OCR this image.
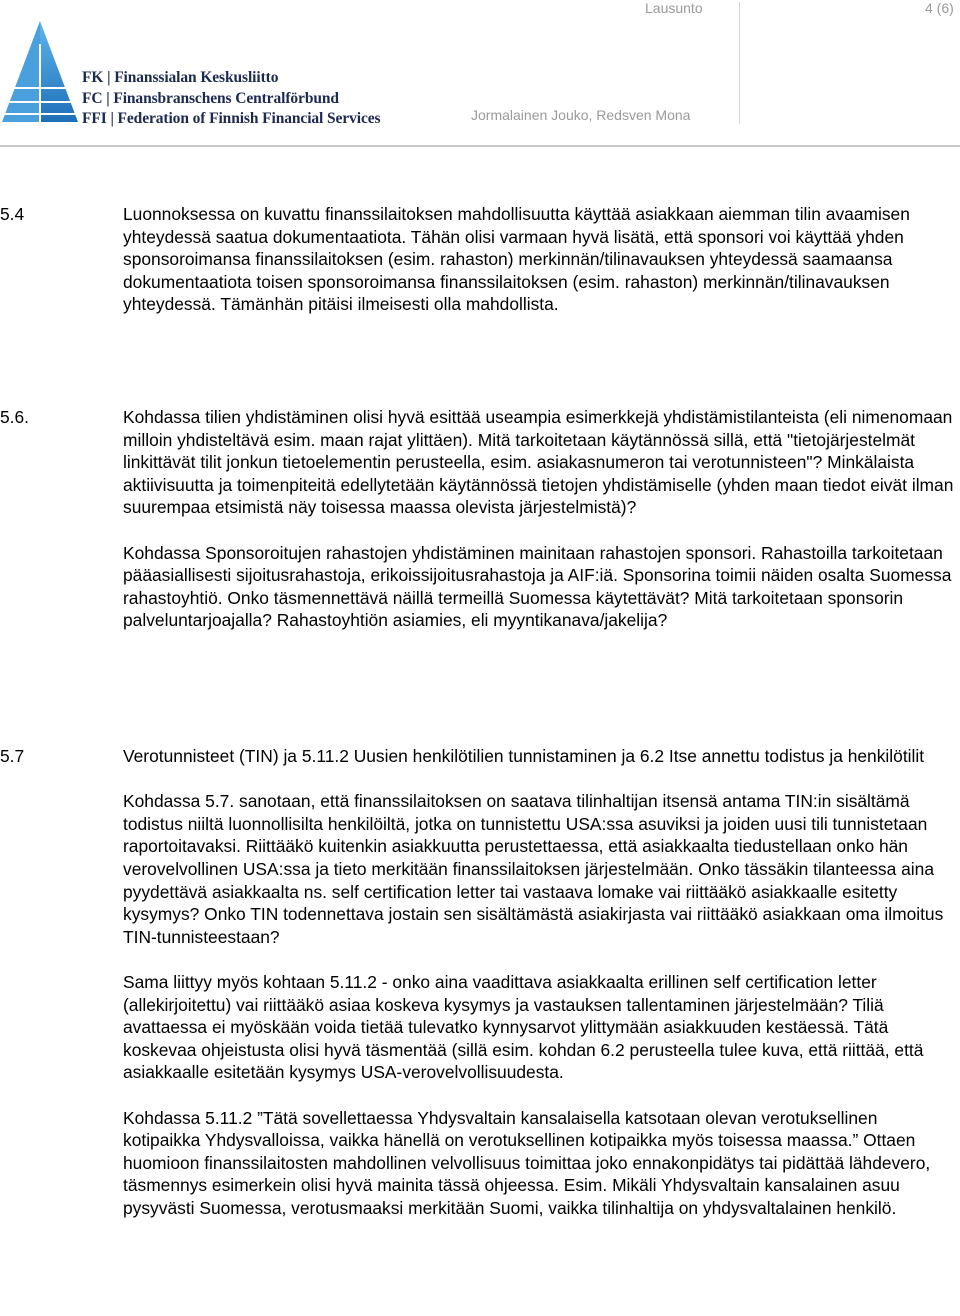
FK | Finanssialan Keskusliitto
FC | Finansbranschens Centralförbund
FFI | Federation of Finnish Financial Services
Lausunto	4 (6)
Jormalainen Jouko, Redsven Mona
5.4	Luonnoksessa on kuvattu finanssilaitoksen mahdollisuutta käyttää asiakkaan aiemman tilin avaamisen yhteydessä saatua dokumentaatiota. Tähän olisi varmaan hyvä lisätä, että sponsori voi käyttää yhden sponsoroimansa finanssilaitoksen (esim. rahaston) merkinnän/tilinavauksen yhteydessä saamaansa dokumentaatiota toisen sponsoroimansa finanssilaitoksen (esim. rahaston) merkinnän/tilinavauksen yhteydessä. Tämänhän pitäisi ilmeisesti olla mahdollista.

5.6.	Kohdassa tilien yhdistäminen olisi hyvä esittää useampia esimerkkejä yhdistämistilanteista (eli nimenomaan milloin yhdisteltävä esim. maan rajat ylittäen). Mitä tarkoitetaan käytännössä sillä, että "tietojärjestelmät linkittävät tilit jonkun tietoelementin perusteella, esim. asiakasnumeron tai verotunnisteen"? Minkälaista aktiivisuutta ja toimenpiteitä edellytetään käytännössä tietojen yhdistämiselle (yhden maan tiedot eivät ilman suurempaa etsimistä näy toisessa maassa olevista järjestelmistä)?

Kohdassa Sponsoroitujen rahastojen yhdistäminen mainitaan rahastojen sponsori. Rahastoilla tarkoitetaan pääasiallisesti sijoitusrahastoja, erikoissijoitusrahastoja ja AIF:iä. Sponsorina toimii näiden osalta Suomessa rahastoyhtiö. Onko täsmennettävä näillä termeillä Suomessa käytettävät? Mitä tarkoitetaan sponsorin palveluntarjoajalla? Rahastoyhtiön asiamies, eli myyntikanava/jakelija?

5.7	Verotunnisteet (TIN) ja 5.11.2 Uusien henkilötilien tunnistaminen ja 6.2 Itse annettu todistus ja henkilötilit

Kohdassa 5.7. sanotaan, että finanssilaitoksen on saatava tilinhaltijan itsensä antama TIN:in sisältämä todistus niiltä luonnollisilta henkilöiltä, jotka on tunnistettu USA:ssa asuviksi ja joiden uusi tili tunnistetaan raportoitavaksi. Riittääkö kuitenkin asiakkuutta perustettaessa, että asiakkaalta tiedustellaan onko hän verovelvollinen USA:ssa ja tieto merkitään finanssilaitoksen järjestelmään. Onko tässäkin tilanteessa aina pyydettävä asiakkaalta ns. self certification letter tai vastaava lomake vai riittääkö asiakkaalle esitetty kysymys? Onko TIN todennettava jostain sen sisältämästä asiakirjasta vai riittääkö asiakkaan oma ilmoitus TIN-tunnisteestaan?

Sama liittyy myös kohtaan 5.11.2 - onko aina vaadittava asiakkaalta erillinen self certification letter (allekirjoitettu) vai riittääkö asiaa koskeva kysymys ja vastauksen tallentaminen järjestelmään? Tiliä avattaessa ei myöskään voida tietää tulevatko kynnysarvot ylittymään asiakkuuden kestäessä. Tätä koskevaa ohjeistusta olisi hyvä täsmentää (sillä esim. kohdan 6.2 perusteella tulee kuva, että riittää, että asiakkaalle esitetään kysymys USA-verovelvollisuudesta.

Kohdassa 5.11.2 ”Tätä sovellettaessa Yhdysvaltain kansalaisella katsotaan olevan verotuksellinen kotipaikka Yhdysvalloissa, vaikka hänellä on verotuksellinen kotipaikka myös toisessa maassa.” Ottaen huomioon finanssilaitosten mahdollinen velvollisuus toimittaa joko ennakonpidätys tai pidättää lähdevero, täsmennys esimerkein olisi hyvä mainita tässä ohjeessa. Esim. Mikäli Yhdysvaltain kansalainen asuu pysyvästi Suomessa, verotusmaaksi merkitään Suomi, vaikka tilinhaltija on yhdysvaltalainen henkilö.
